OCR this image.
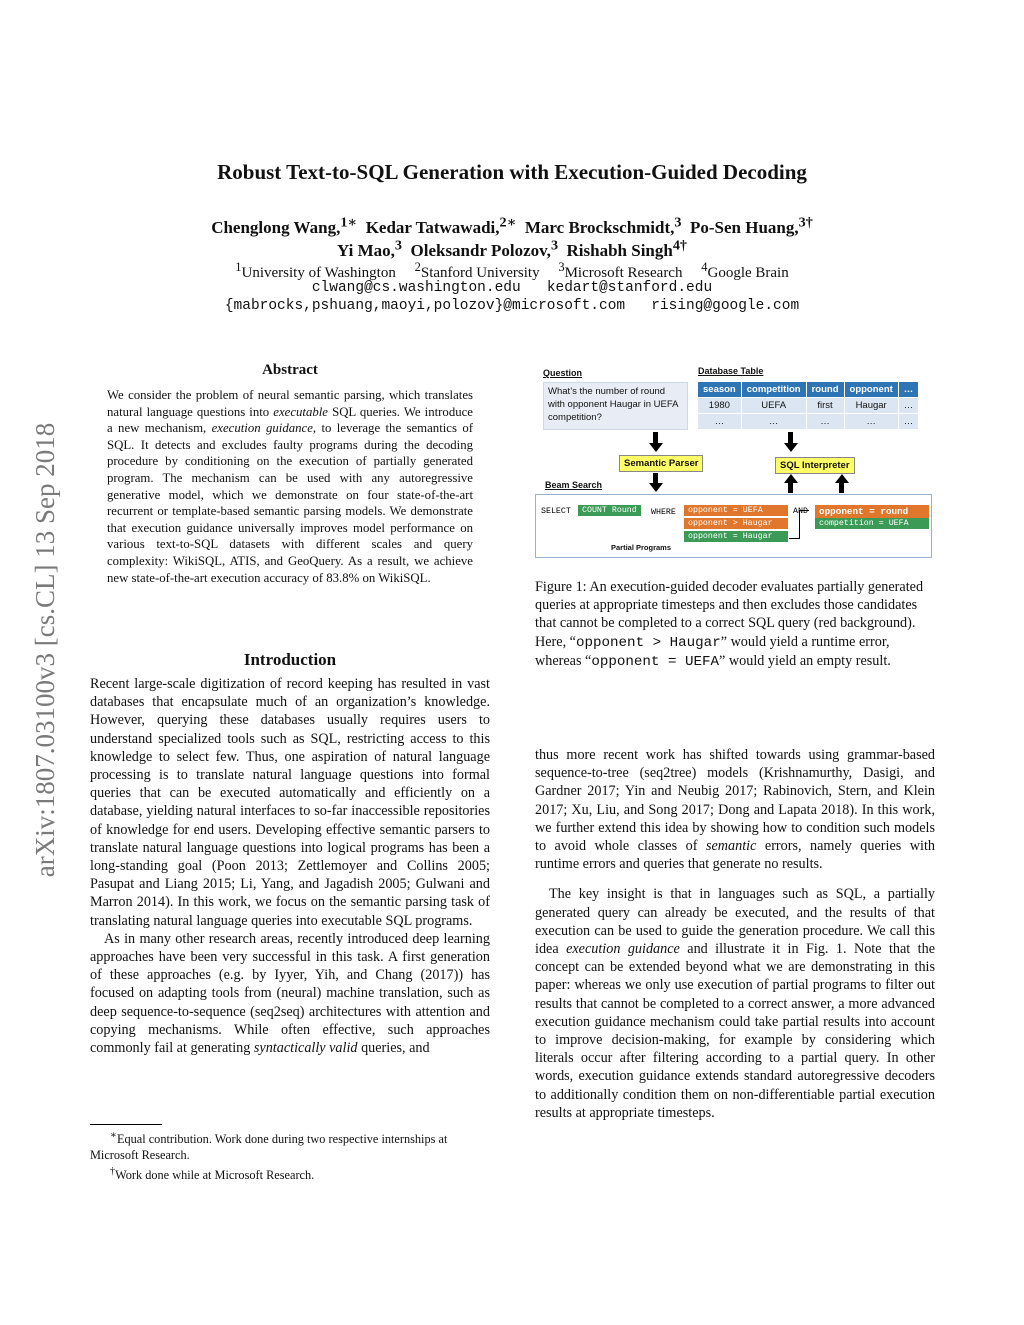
Robust Text-to-SQL Generation with Execution-Guided Decoding
Chenglong Wang,$^{1∗}$ Kedar Tatwawadi,$^{2∗}$ Marc Brockschmidt,$^3$ Po-Sen Huang,$^{3\dagger}$
Yi Mao,$^3$ Oleksandr Polozov,$^3$ Rishabh Singh$^{4\dagger}$
$^1$University of Washington $^2$Stanford University $^3$Microsoft Research $^4$Google Brain
clwang@cs.washington.edu kedart@stanford.edu
{mabrocks,pshuang,maoyi,polozov}@microsoft.com rising@google.com
arXiv:1807.03100v3 [cs.CL] 13 Sep 2018
Abstract

We consider the problem of neural semantic parsing, which translates natural language questions into executable SQL queries. We introduce a new mechanism, execution guidance, to leverage the semantics of SQL. It detects and excludes faulty programs during the decoding procedure by conditioning on the execution of partially generated program. The mechanism can be used with any autoregressive generative model, which we demonstrate on four state-of-the-art recurrent or template-based semantic parsing models. We demonstrate that execution guidance universally improves model performance on various text-to-SQL datasets with different scales and query complexity: WikiSQL, ATIS, and GeoQuery. As a result, we achieve new state-of-the-art execution accuracy of 83.8% on WikiSQL.

Introduction

Recent large-scale digitization of record keeping has resulted in vast databases that encapsulate much of an organization’s knowledge. However, querying these databases usually requires users to understand specialized tools such as SQL, restricting access to this knowledge to select few. Thus, one aspiration of natural language processing is to translate natural language questions into formal queries that can be executed automatically and efficiently on a database, yielding natural interfaces to so-far inaccessible repositories of knowledge for end users. Developing effective semantic parsers to translate natural language questions into logical programs has been a long-standing goal (Poon 2013; Zettlemoyer and Collins 2005; Pasupat and Liang 2015; Li, Yang, and Jagadish 2005; Gulwani and Marron 2014). In this work, we focus on the semantic parsing task of translating natural language queries into executable SQL programs.

As in many other research areas, recently introduced deep learning approaches have been very successful in this task. A first generation of these approaches (e.g. by Iyyer, Yih, and Chang (2017)) has focused on adapting tools from (neural) machine translation, such as deep sequence-to-sequence (seq2seq) architectures with attention and copying mechanisms. While often effective, such approaches commonly fail at generating syntactically valid queries, and

∗Equal contribution. Work done during two respective internships at Microsoft Research.

†Work done while at Microsoft Research.

Question
What’s the number of round with opponent Haugar in UEFA competition?
Database Table
season	competition	round	opponent	…
1980	UEFA	first	Haugar	…
…	…	…	…	…
Semantic Parser	SQL Interpreter
Beam Search
SELECT	COUNT Round	WHERE	opponent = UEFA
opponent > Haugar
opponent = Haugar
AND	opponent = round
competition = UEFA
Partial Programs

Figure 1: An execution-guided decoder evaluates partially generated queries at appropriate timesteps and then excludes those candidates that cannot be completed to a correct SQL query (red background). Here, “opponent > Haugar” would yield a runtime error, whereas “opponent = UEFA” would yield an empty result.

thus more recent work has shifted towards using grammar-based sequence-to-tree (seq2tree) models (Krishnamurthy, Dasigi, and Gardner 2017; Yin and Neubig 2017; Rabinovich, Stern, and Klein 2017; Xu, Liu, and Song 2017; Dong and Lapata 2018). In this work, we further extend this idea by showing how to condition such models to avoid whole classes of semantic errors, namely queries with runtime errors and queries that generate no results.

The key insight is that in languages such as SQL, a partially generated query can already be executed, and the results of that execution can be used to guide the generation procedure. We call this idea execution guidance and illustrate it in Fig. 1. Note that the concept can be extended beyond what we are demonstrating in this paper: whereas we only use execution of partial programs to filter out results that cannot be completed to a correct answer, a more advanced execution guidance mechanism could take partial results into account to improve decision-making, for example by considering which literals occur after filtering according to a partial query. In other words, execution guidance extends standard autoregressive decoders to additionally condition them on non-differentiable partial execution results at appropriate timesteps.
